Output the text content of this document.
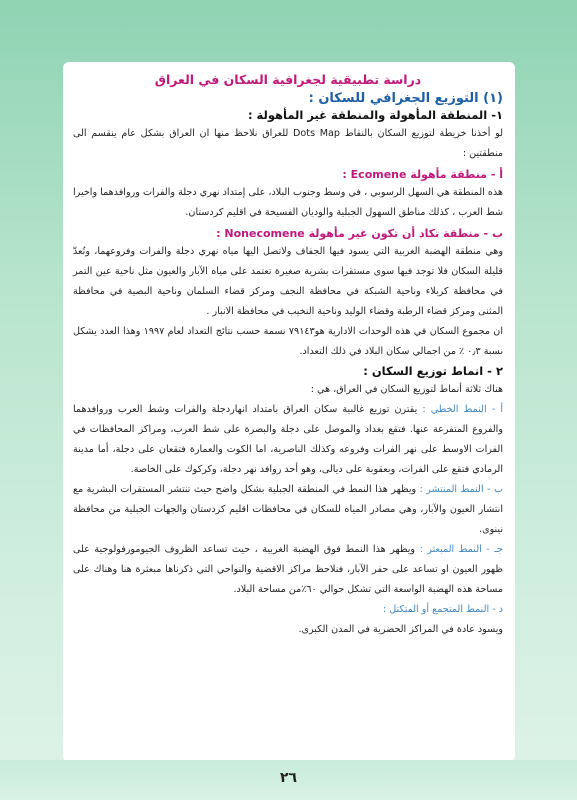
دراسة تطبيقية لجغرافية السكان في العراق
(١) التوزيع الجغرافي للسكان :
١- المنطقة المأهولة والمنطقة غير المأهولة :

لو أخذنا خريطة لتوزيع السكان بالنقاط Dots Map للعراق نلاحظ منها ان العراق بشكل عام ينقسم الى منطقتين :

أ - منطقة مأهولة Ecomene :

هذه المنطقة هي السهل الرسوبي ، في وسط وجنوب البلاد، على إمتداد نهري دجلة والفرات وروافدهما واخيرا شط العرب ، كذلك مناطق السهول الجبلية والوديان الفسيحة في اقليم كردستان.

ب - منطقة تكاد أن تكون غير مأهولة Nonecomene :

وهي منطقة الهضبة الغربية التي يسود فيها الجفاف ولاتصل اليها مياه نهري دجلة والفرات وفروعهما، وتُعدّ قليلة السكان فلا توجد فيها سوى مستقرات بشرية صغيرة تعتمد على مياه الآبار والعيون مثل ناحية عين التمر في محافظة كربلاء وناحية الشبكة في محافظة النجف ومركز قضاء السلمان وناحية البصية في محافظة المثنى ومركز قضاء الرطبة وقضاء الوليد وناحية النخيب في محافظة الانبار .

ان مجموع السكان في هذه الوحدات الادارية هو٧٩١٤٣ نسمة حسب نتائج التعداد لعام ١٩٩٧ وهذا العدد يشكل نسبة ٠٫٣ ٪ من اجمالي سكان البلاد في ذلك التعداد.

٢ - انماط توزيع السكان :

هناك ثلاثة أنماط لتوزيع السكان في العراق، هي :

أ - النمط الخطي : يقترن توزيع غالبية سكان العراق بامتداد انهاردجلة والفرات وشط العرب وروافدهما والفروع المتفرعة عنها. فتقع بغداد والموصل على دجلة والبصرة على شط العرب، ومراكز المحافظات في الفرات الاوسط على نهر الفرات وفروعه وكذلك الناصرية، اما الكوت والعمارة فتقعان على دجلة، أما مدينة الرمادي فتقع على الفرات، وبعقوبة على ديالى، وهو أحد روافد نهر دجلة، وكركوك على الخاصة.

ب - النمط المنتشر : ويظهر هذا النمط في المنطقة الجبلية بشكل واضح حيث تنتشر المستقرات البشرية مع انتشار العيون والآبار، وهي مصادر المياه للسكان في محافظات اقليم كردستان والجهات الجبلية من محافظة نينوى.

جـ - النمط المبعثر : ويظهر هذا النمط فوق الهضبة الغربية ، حيث تساعد الظروف الجيومورفولوجية على ظهور العيون او تساعد على حفر الآبار، فنلاحظ مراكز الاقضية والنواحي التي ذكرناها مبعثرة هنا وهناك على مساحة هذه الهضبة الواسعة التي تشكل حوالي ٦٠٪من مساحة البلاد.

د - النمط المتجمع أو المتكتل :

ويسود عادة في المراكز الحضرية في المدن الكبرى.

٢٦
